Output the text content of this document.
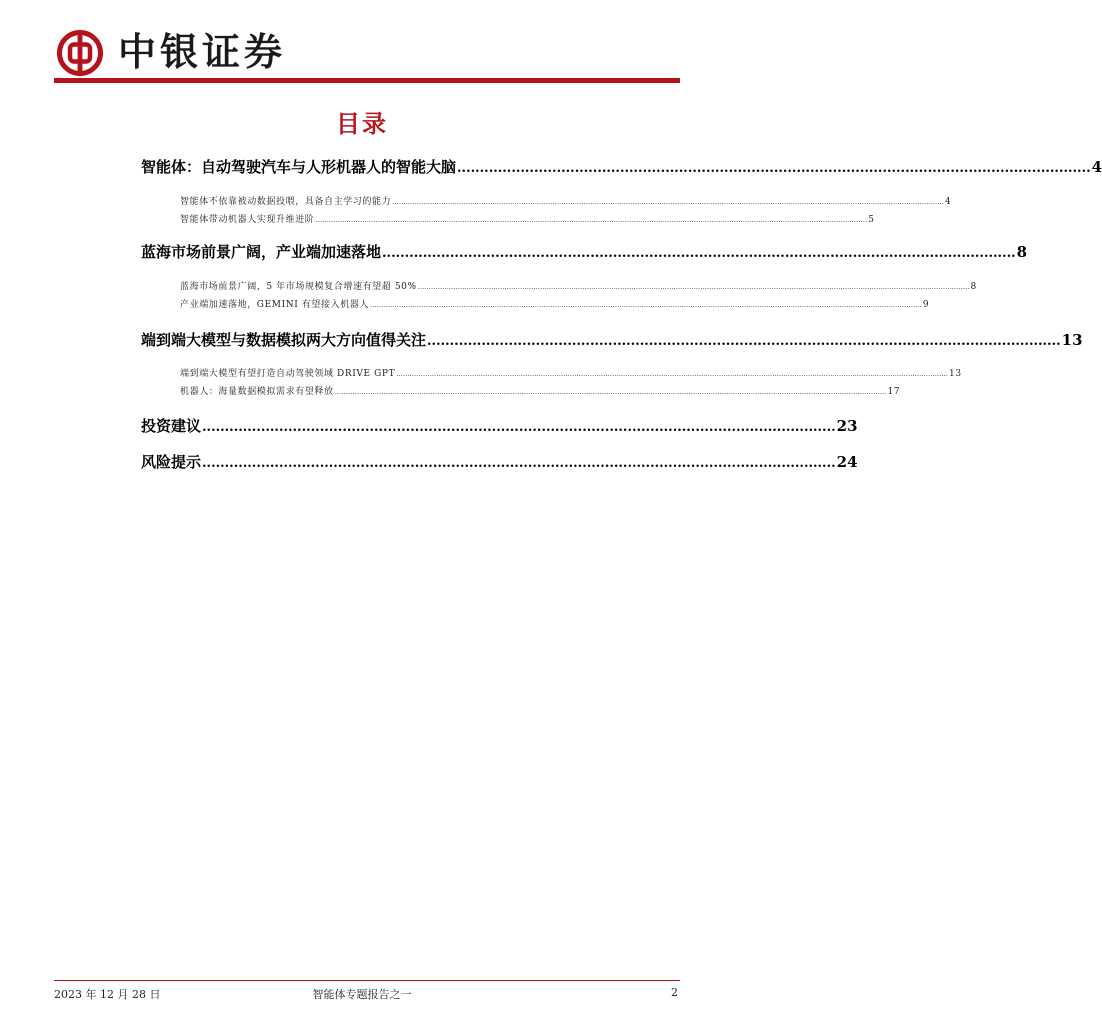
中银证券
目录
智能体：自动驾驶汽车与人形机器人的智能大脑 ............................................................................................................................................ 4
智能体不依靠被动数据投喂，具备自主学习的能力 ........................................................................................................................................................................................................................................................ 4
智能体带动机器人实现升维进阶 ........................................................................................................................................................................................................................................................ 5
蓝海市场前景广阔，产业端加速落地 ............................................................................................................................................ 8
蓝海市场前景广阔，5 年市场规模复合增速有望超 50% ........................................................................................................................................................................................................................................................ 8
产业端加速落地，GEMINI 有望接入机器人 ........................................................................................................................................................................................................................................................ 9
端到端大模型与数据模拟两大方向值得关注 ............................................................................................................................................ 13
端到端大模型有望打造自动驾驶领域 DRIVE GPT ........................................................................................................................................................................................................................................................ 13
机器人：海量数据模拟需求有望释放 ........................................................................................................................................................................................................................................................ 17
投资建议 ............................................................................................................................................ 23
风险提示 ............................................................................................................................................ 24
2023 年 12 月 28 日	智能体专题报告之一	2
